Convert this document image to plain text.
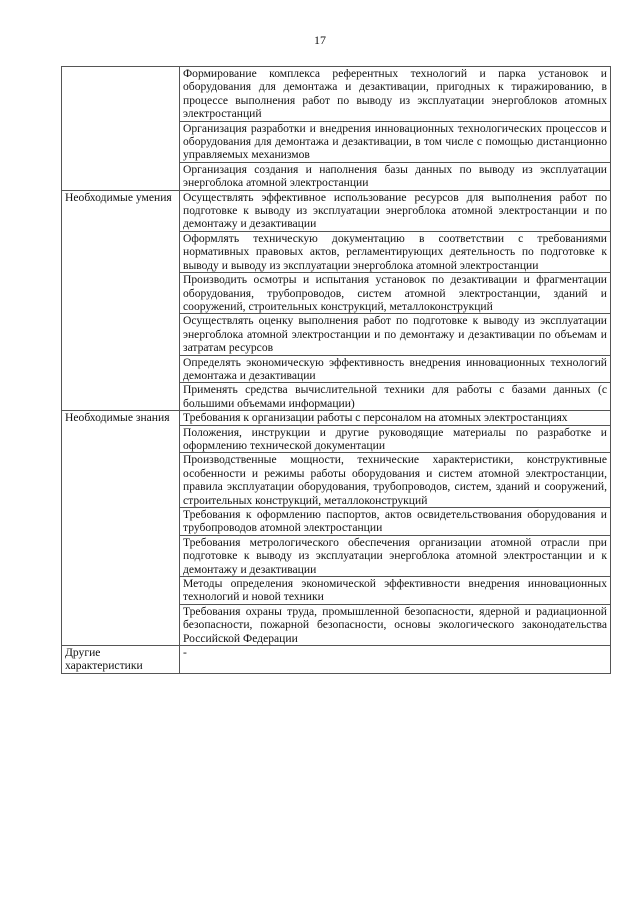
17
	Формирование комплекса референтных технологий и парка установок и оборудования для демонтажа и дезактивации, пригодных к тиражированию, в процессе выполнения работ по выводу из эксплуатации энергоблоков атомных электростанций
	Организация разработки и внедрения инновационных технологических процессов и оборудования для демонтажа и дезактивации, в том числе с помощью дистанционно управляемых механизмов
	Организация создания и наполнения базы данных по выводу из эксплуатации энергоблока атомной электростанции
Необходимые умения	Осуществлять эффективное использование ресурсов для выполнения работ по подготовке к выводу из эксплуатации энергоблока атомной электростанции и по демонтажу и дезактивации
	Оформлять техническую документацию в соответствии с требованиями нормативных правовых актов, регламентирующих деятельность по подготовке к выводу и выводу из эксплуатации энергоблока атомной электростанции
	Производить осмотры и испытания установок по дезактивации и фрагментации оборудования, трубопроводов, систем атомной электростанции, зданий и сооружений, строительных конструкций, металлоконструкций
	Осуществлять оценку выполнения работ по подготовке к выводу из эксплуатации энергоблока атомной электростанции и по демонтажу и дезактивации по объемам и затратам ресурсов
	Определять экономическую эффективность внедрения инновационных технологий демонтажа и дезактивации
	Применять средства вычислительной техники для работы с базами данных (с большими объемами информации)
Необходимые знания	Требования к организации работы с персоналом на атомных электростанциях
	Положения, инструкции и другие руководящие материалы по разработке и оформлению технической документации
	Производственные мощности, технические характеристики, конструктивные особенности и режимы работы оборудования и систем атомной электростанции, правила эксплуатации оборудования, трубопроводов, систем, зданий и сооружений, строительных конструкций, металлоконструкций
	Требования к оформлению паспортов, актов освидетельствования оборудования и трубопроводов атомной электростанции
	Требования метрологического обеспечения организации атомной отрасли при подготовке к выводу из эксплуатации энергоблока атомной электростанции и к демонтажу и дезактивации
	Методы определения экономической эффективности внедрения инновационных технологий и новой техники
	Требования охраны труда, промышленной безопасности, ядерной и радиационной безопасности, пожарной безопасности, основы экологического законодательства Российской Федерации
Другие характеристики	-
